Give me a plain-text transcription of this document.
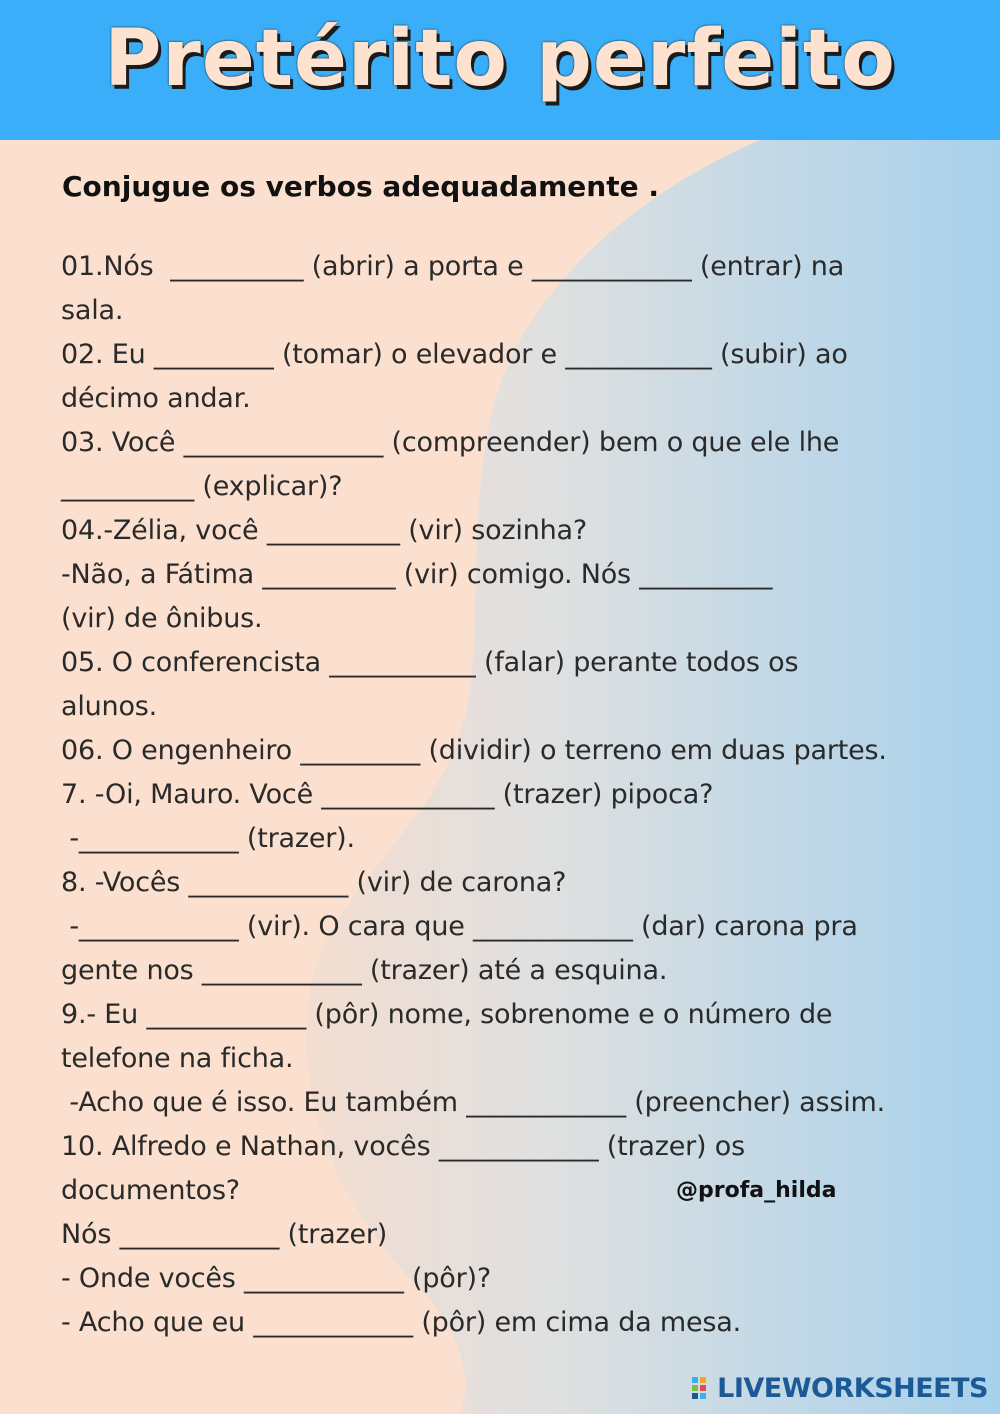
Pretérito perfeito

Conjugue os verbos adequadamente .

01.Nós  __________ (abrir) a porta e ____________ (entrar) na

sala.

02. Eu _________ (tomar) o elevador e ___________ (subir) ao

décimo andar.

03. Você _______________ (compreender) bem o que ele lhe

__________ (explicar)?

04.-Zélia, você __________ (vir) sozinha?

-Não, a Fátima __________ (vir) comigo. Nós __________

(vir) de ônibus.

05. O conferencista ___________ (falar) perante todos os

alunos.

06. O engenheiro _________ (dividir) o terreno em duas partes.

7. -Oi, Mauro. Você _____________ (trazer) pipoca?

-____________ (trazer).

8. -Vocês ____________ (vir) de carona?

-____________ (vir). O cara que ____________ (dar) carona pra

gente nos ____________ (trazer) até a esquina.

9.- Eu ____________ (pôr) nome, sobrenome e o número de

telefone na ficha.

-Acho que é isso. Eu também ____________ (preencher) assim.

10. Alfredo e Nathan, vocês ____________ (trazer) os

documentos?

Nós ____________ (trazer)

- Onde vocês ____________ (pôr)?

- Acho que eu ____________ (pôr) em cima da mesa.

@profa_hilda
LIVEWORKSHEETS
